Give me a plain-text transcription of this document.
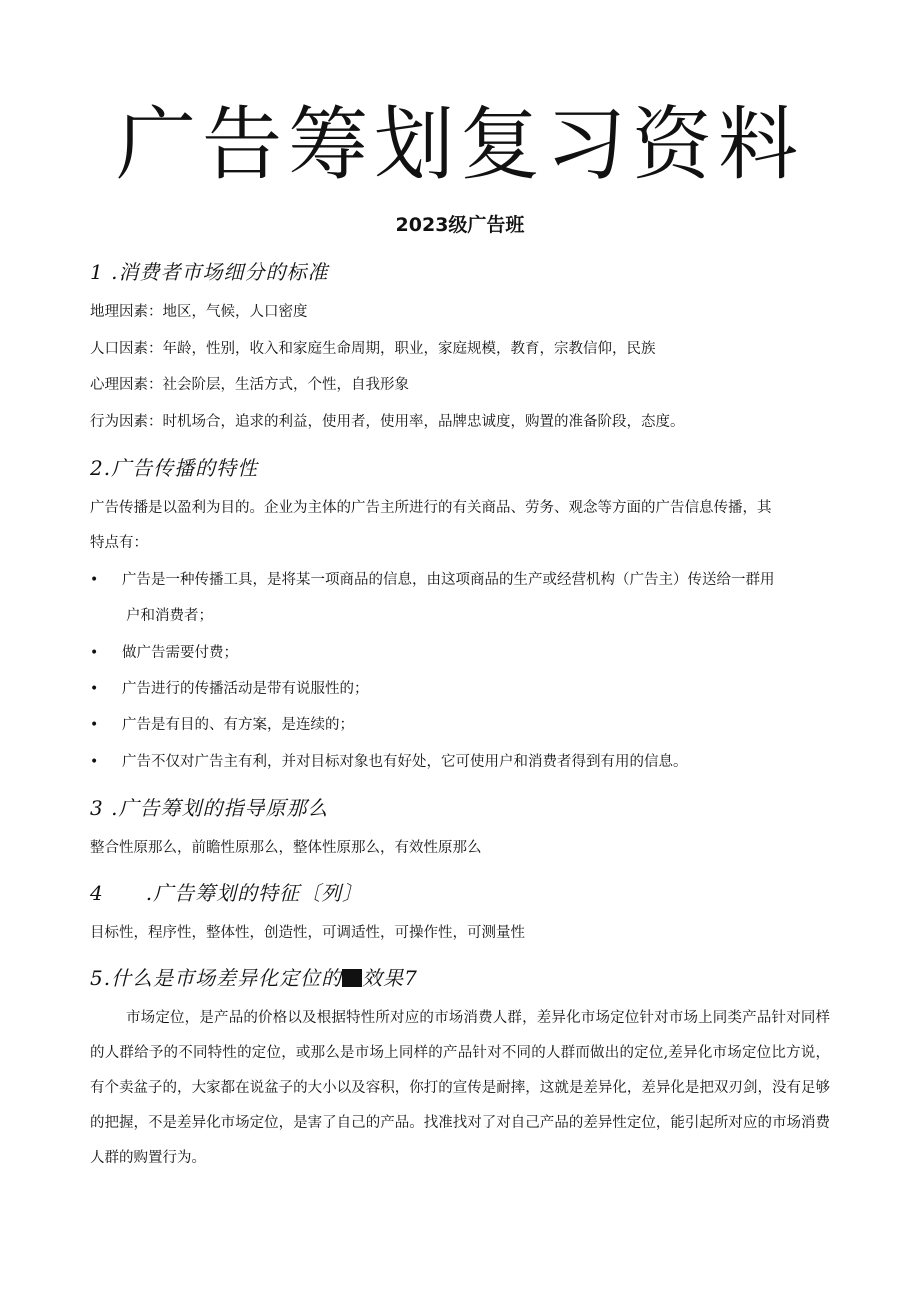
广告筹划复习资料
2023级广告班
1 .消费者市场细分的标准
地理因素：地区，气候，人口密度
人口因素：年龄，性别，收入和家庭生命周期，职业，家庭规模，教育，宗教信仰，民族
心理因素：社会阶层，生活方式，个性，自我形象
行为因素：时机场合，追求的利益，使用者，使用率，品牌忠诚度，购置的准备阶段，态度。
2.广告传播的特性
广告传播是以盈利为目的。企业为主体的广告主所进行的有关商品、劳务、观念等方面的广告信息传播，其
特点有：
• 广告是一种传播工具，是将某一项商品的信息，由这项商品的生产或经营机构（广告主）传送给一群用
户和消费者；
• 做广告需要付费；
• 广告进行的传播活动是带有说服性的；
• 广告是有目的、有方案，是连续的；
• 广告不仅对广告主有利，并对目标对象也有好处，它可使用户和消费者得到有用的信息。
3 .广告筹划的指导原那么
整合性原那么，前瞻性原那么，整体性原那么，有效性原那么
4　　.广告筹划的特征〔列〕
目标性，程序性，整体性，创造性，可调适性，可操作性，可测量性
5.什么是市场差异化定位的 效果7
市场定位，是产品的价格以及根据特性所对应的市场消费人群，差异化市场定位针对市场上同类产品针对同样的人群给予的不同特性的定位，或那么是市场上同样的产品针对不同的人群而做出的定位,差异化市场定位比方说，有个卖盆子的，大家都在说盆子的大小以及容积，你打的宣传是耐摔，这就是差异化，差异化是把双刃剑，没有足够的把握，不是差异化市场定位，是害了自己的产品。找准找对了对自己产品的差异性定位，能引起所对应的市场消费人群的购置行为。
